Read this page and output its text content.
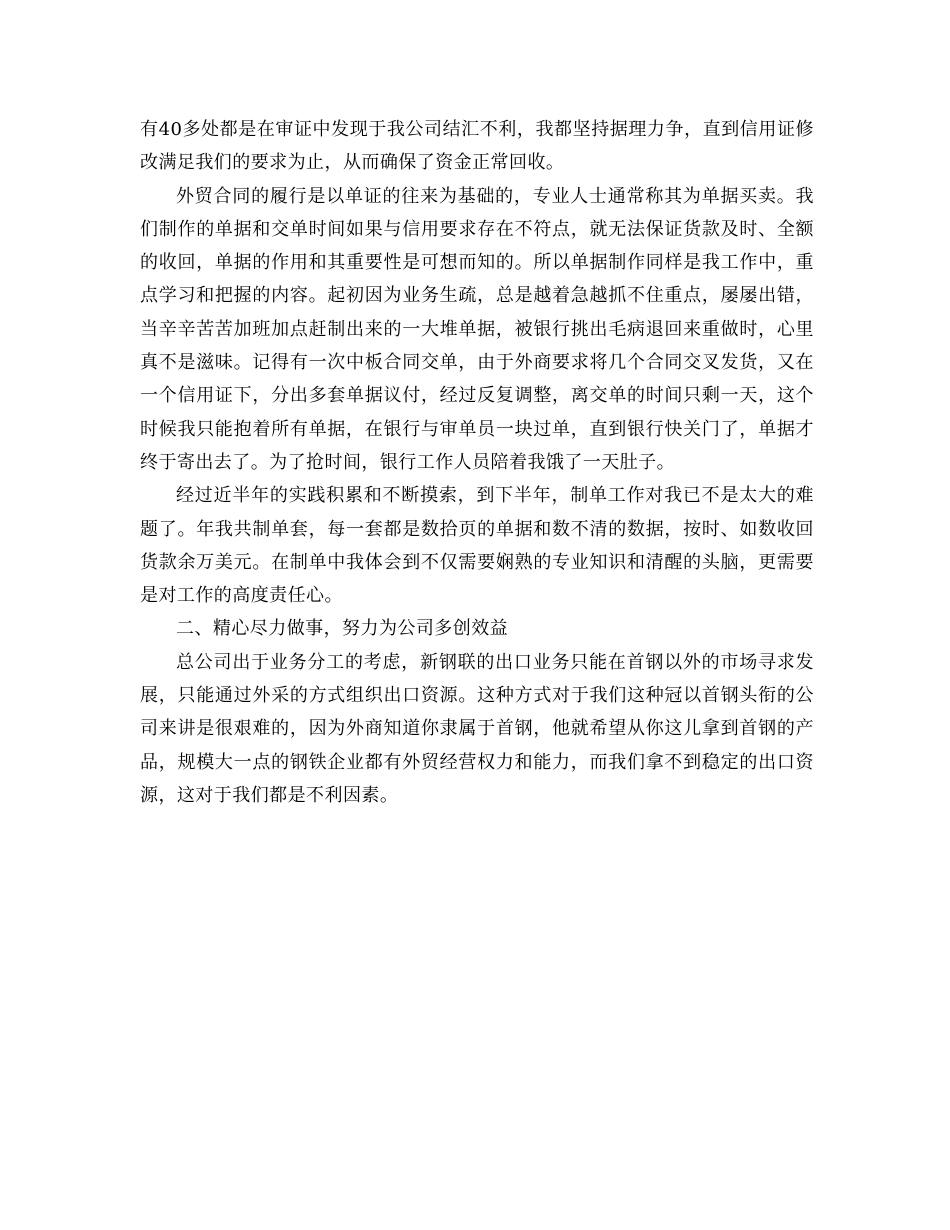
有40多处都是在审证中发现于我公司结汇不利，我都坚持据理力争，直到信用证修改满足我们的要求为止，从而确保了资金正常回收。

外贸合同的履行是以单证的往来为基础的，专业人士通常称其为单据买卖。我们制作的单据和交单时间如果与信用要求存在不符点，就无法保证货款及时、全额的收回，单据的作用和其重要性是可想而知的。所以单据制作同样是我工作中，重点学习和把握的内容。起初因为业务生疏，总是越着急越抓不住重点，屡屡出错，当辛辛苦苦加班加点赶制出来的一大堆单据，被银行挑出毛病退回来重做时，心里真不是滋味。记得有一次中板合同交单，由于外商要求将几个合同交叉发货，又在一个信用证下，分出多套单据议付，经过反复调整，离交单的时间只剩一天，这个时候我只能抱着所有单据，在银行与审单员一块过单，直到银行快关门了，单据才终于寄出去了。为了抢时间，银行工作人员陪着我饿了一天肚子。

经过近半年的实践积累和不断摸索，到下半年，制单工作对我已不是太大的难题了。年我共制单套，每一套都是数拾页的单据和数不清的数据，按时、如数收回货款余万美元。在制单中我体会到不仅需要娴熟的专业知识和清醒的头脑，更需要是对工作的高度责任心。

二、精心尽力做事，努力为公司多创效益

总公司出于业务分工的考虑，新钢联的出口业务只能在首钢以外的市场寻求发展，只能通过外采的方式组织出口资源。这种方式对于我们这种冠以首钢头衔的公司来讲是很艰难的，因为外商知道你隶属于首钢，他就希望从你这儿拿到首钢的产品，规模大一点的钢铁企业都有外贸经营权力和能力，而我们拿不到稳定的出口资源，这对于我们都是不利因素。
